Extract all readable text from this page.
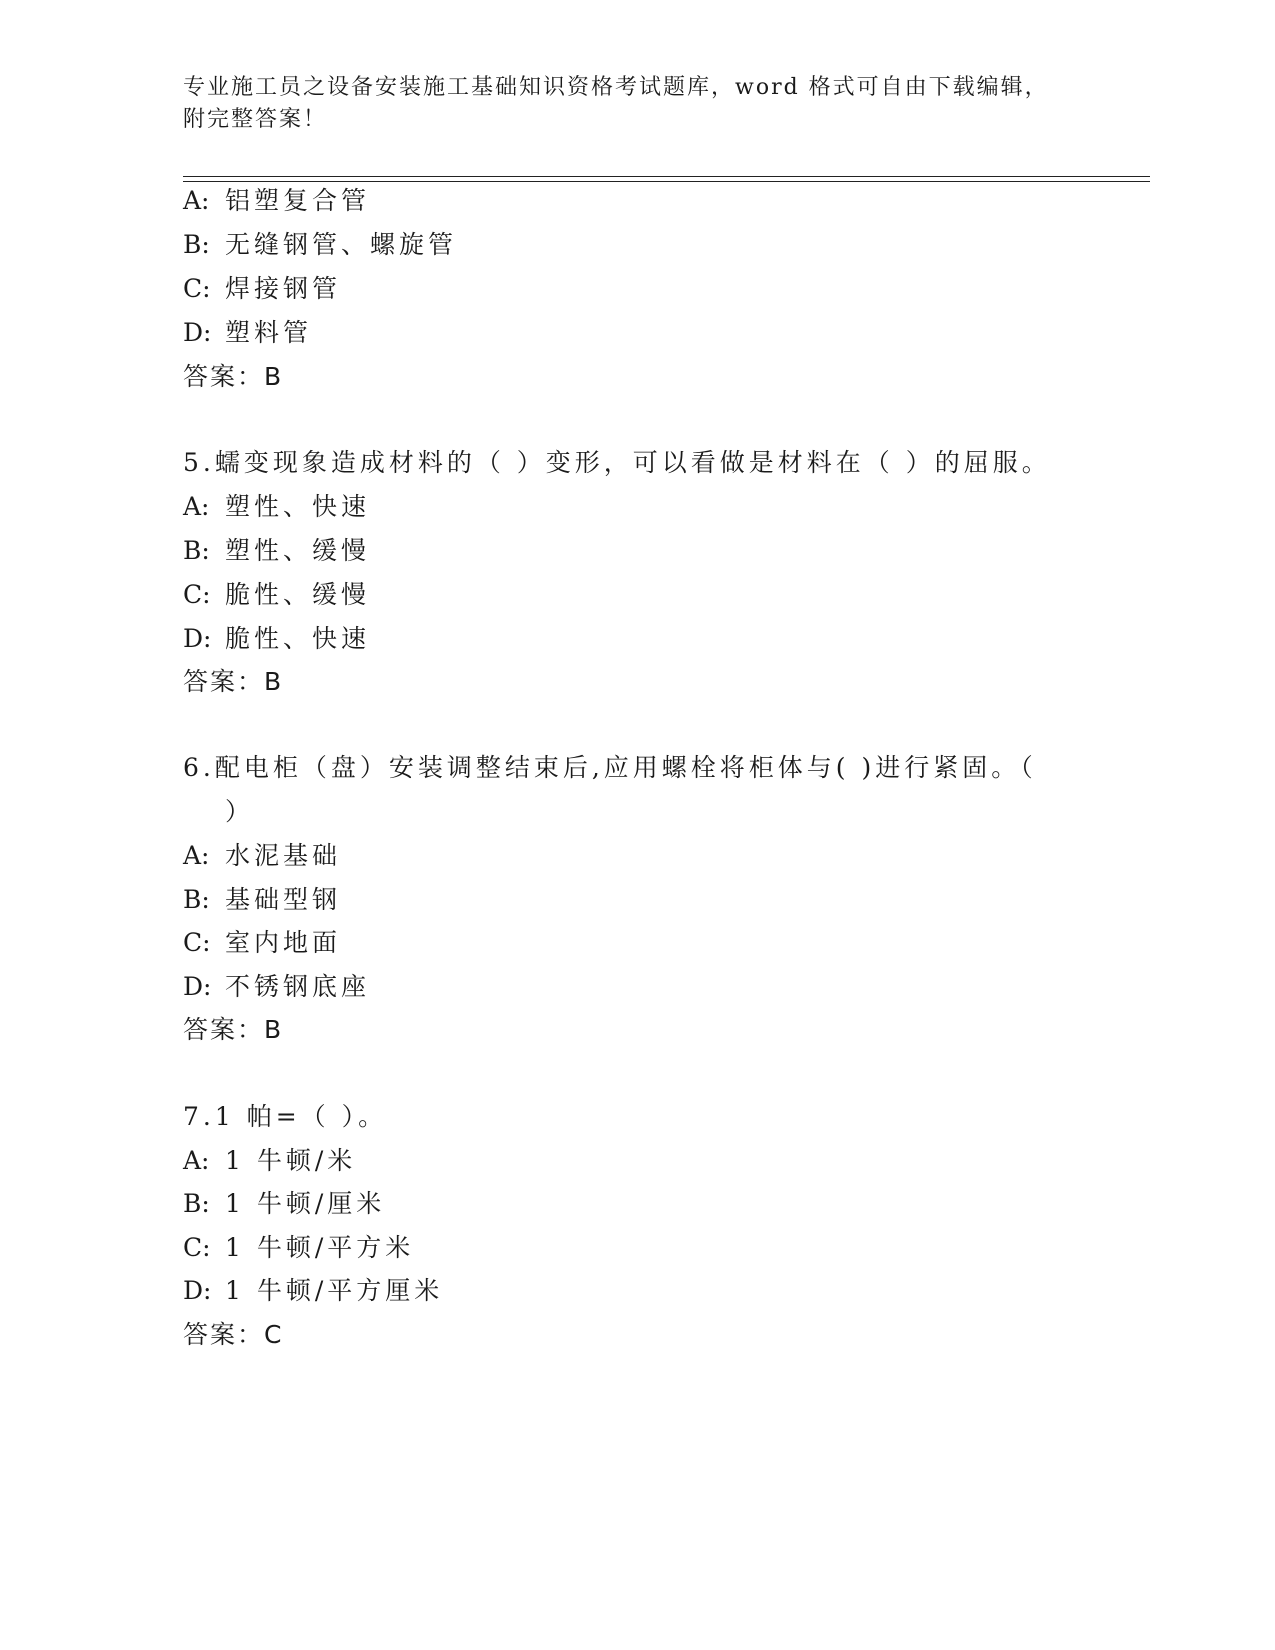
专业施工员之设备安装施工基础知识资格考试题库，word 格式可自由下载编辑，
附完整答案！
A: 铝塑复合管
B: 无缝钢管、螺旋管
C: 焊接钢管
D: 塑料管
答案：B
5.蠕变现象造成材料的（ ）变形，可以看做是材料在（ ）的屈服。
A: 塑性、快速
B: 塑性、缓慢
C: 脆性、缓慢
D: 脆性、快速
答案：B
6.配电柜（盘）安装调整结束后,应用螺栓将柜体与( )进行紧固。（
）
A: 水泥基础
B: 基础型钢
C: 室内地面
D: 不锈钢底座
答案：B
7.1 帕=（ ）。
A: 1 牛顿/米
B: 1 牛顿/厘米
C: 1 牛顿/平方米
D: 1 牛顿/平方厘米
答案：C
